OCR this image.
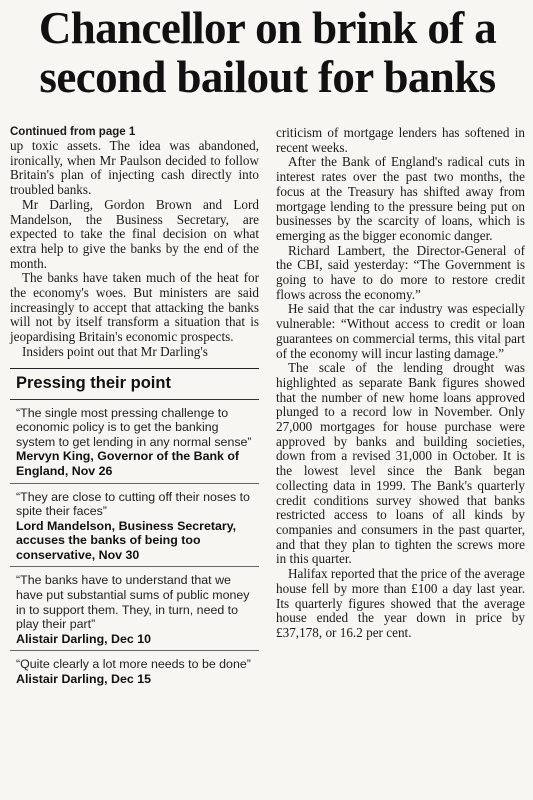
Chancellor on brink of a second bailout for banks

Continued from page 1

up toxic assets. The idea was abandoned, ironically, when Mr Paulson decided to follow Britain's plan of injecting cash directly into troubled banks.

Mr Darling, Gordon Brown and Lord Mandelson, the Business Secretary, are expected to take the final decision on what extra help to give the banks by the end of the month.

The banks have taken much of the heat for the economy's woes. But ministers are said increasingly to accept that attacking the banks will not by itself transform a situation that is jeopardising Britain's economic prospects.

Insiders point out that Mr Darling's

Pressing their point

“The single most pressing challenge to economic policy is to get the banking system to get lending in any normal sense”

Mervyn King, Governor of the Bank of England, Nov 26

“They are close to cutting off their noses to spite their faces”

Lord Mandelson, Business Secretary, accuses the banks of being too conservative, Nov 30

“The banks have to understand that we have put substantial sums of public money in to support them. They, in turn, need to play their part”

Alistair Darling, Dec 10

“Quite clearly a lot more needs to be done”

Alistair Darling, Dec 15

criticism of mortgage lenders has softened in recent weeks.

After the Bank of England's radical cuts in interest rates over the past two months, the focus at the Treasury has shifted away from mortgage lending to the pressure being put on businesses by the scarcity of loans, which is emerging as the bigger economic danger.

Richard Lambert, the Director-General of the CBI, said yesterday: “The Government is going to have to do more to restore credit flows across the economy.”

He said that the car industry was especially vulnerable: “Without access to credit or loan guarantees on commercial terms, this vital part of the economy will incur lasting damage.”

The scale of the lending drought was highlighted as separate Bank figures showed that the number of new home loans approved plunged to a record low in November. Only 27,000 mortgages for house purchase were approved by banks and building societies, down from a revised 31,000 in October. It is the lowest level since the Bank began collecting data in 1999. The Bank's quarterly credit conditions survey showed that banks restricted access to loans of all kinds by companies and consumers in the past quarter, and that they plan to tighten the screws more in this quarter.

Halifax reported that the price of the average house fell by more than £100 a day last year. Its quarterly figures showed that the average house ended the year down in price by £37,178, or 16.2 per cent.
